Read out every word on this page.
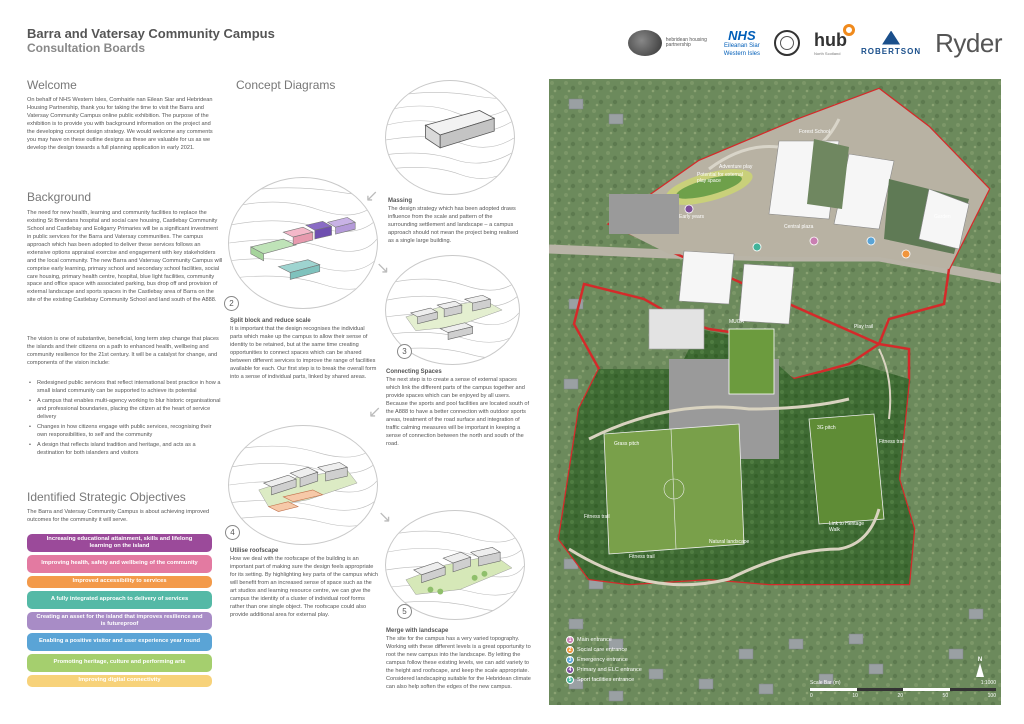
Barra and Vatersay Community Campus
Consultation Boards
hebridean housing partnership
NHS
Eileanan Siar
Western Isles
hub
North Scotland	ROBERTSON Ryder
Welcome
On behalf of NHS Western Isles, Comhairle nan Eilean Siar and Hebridean Housing Partnership, thank you for taking the time to visit the Barra and Vatersay Community Campus online public exhibition. The purpose of the exhibition is to provide you with background information on the project and the developing concept design strategy. We would welcome any comments you may have on these outline designs as these are valuable for us as we develop the design towards a full planning application in early 2021.
Background
The need for new health, learning and community facilities to replace the existing St Brendans hospital and social care housing, Castlebay Community School and Castlebay and Eoligarry Primaries will be a significant investment in public services for the Barra and Vatersay communities. The campus approach which has been adopted to deliver these services follows an extensive options appraisal exercise and engagement with key stakeholders and the local community. The new Barra and Vatersay Community Campus will comprise early learning, primary school and secondary school facilities, social care housing, primary health centre, hospital, blue light facilities, community space and office space with associated parking, bus drop off and provision of external landscape and sports spaces in the Castlebay area of Barra on the site of the existing Castlebay Community School and land south of the A888.
The vision is one of substantive, beneficial, long term step change that places the islands and their citizens on a path to enhanced health, wellbeing and community resilience for the 21st century. It will be a catalyst for change, and components of the vision include:
• Redesigned public services that reflect international best practice in how a small island community can be supported to achieve its potential
• A campus that enables multi-agency working to blur historic organisational and professional boundaries, placing the citizen at the heart of service delivery
• Changes in how citizens engage with public services, recognising their own responsibilities, to self and the community
• A design that reflects island tradition and heritage, and acts as a destination for both islanders and visitors
Identified Strategic Objectives
The Barra and Vatersay Community Campus is about achieving improved outcomes for the community it will serve.
Increasing educational attainment, skills and lifelong learning on the island
Improving health, safety and wellbeing of the community
Improved accessibility to services
A fully integrated approach to delivery of services
Creating an asset for the island that improves resilience and is futureproof
Enabling a positive visitor and user experience year round
Promoting heritage, culture and performing arts
Improving digital connectivity
Concept Diagrams
↙ Massing
The design strategy which has been adopted draws influence from the scale and pattern of the surrounding settlement and landscape – a campus approach should not mean the project being realised as a single large building.
2
Split block and reduce scale
It is important that the design recognises the individual parts which make up the campus to allow their sense of identity to be retained, but at the same time creating opportunities to connect spaces which can be shared between different services to improve the range of facilities available for each. Our first step is to break the overall form into a sense of individual parts, linked by shared areas.
↘
3
↙
Connecting Spaces
The next step is to create a sense of external spaces which link the different parts of the campus together and provide spaces which can be enjoyed by all users. Because the sports and pool facilities are located south of the A888 to have a better connection with outdoor sports areas, treatment of the road surface and integration of traffic calming measures will be important in keeping a sense of connection between the north and south of the road.
4
Utilise roofscape
How we deal with the roofscape of the building is an important part of making sure the design feels appropriate for its setting. By highlighting key parts of the campus which will benefit from an increased sense of space such as the art studios and learning resource centre, we can give the campus the identity of a cluster of individual roof forms rather than one single object. The roofscape could also provide additional area for external play.
↘
5
Merge with landscape
The site for the campus has a very varied topography. Working with these different levels is a great opportunity to root the new campus into the landscape. By letting the campus follow these existing levels, we can add variety to the height and roofscape, and keep the scale appropriate. Considered landscaping suitable for the Hebridean climate can also help soften the edges of the new campus.
MUGA
Grass pitch
3G pitch
Natural landscape
Fitness trail
Fitness trail
Fitness trail
Link to Heritage Walk
Play trail
Adventure play
Potential for external play space
Central plaza
Forest School
Early years	Garden
1	Main entrance
2	Social care entrance
3	Emergency entrance
4	Primary and ELC entrance
5	Sport facilities entrance
N
Scale Bar (m)	1:1000
0	10	20	50	100
